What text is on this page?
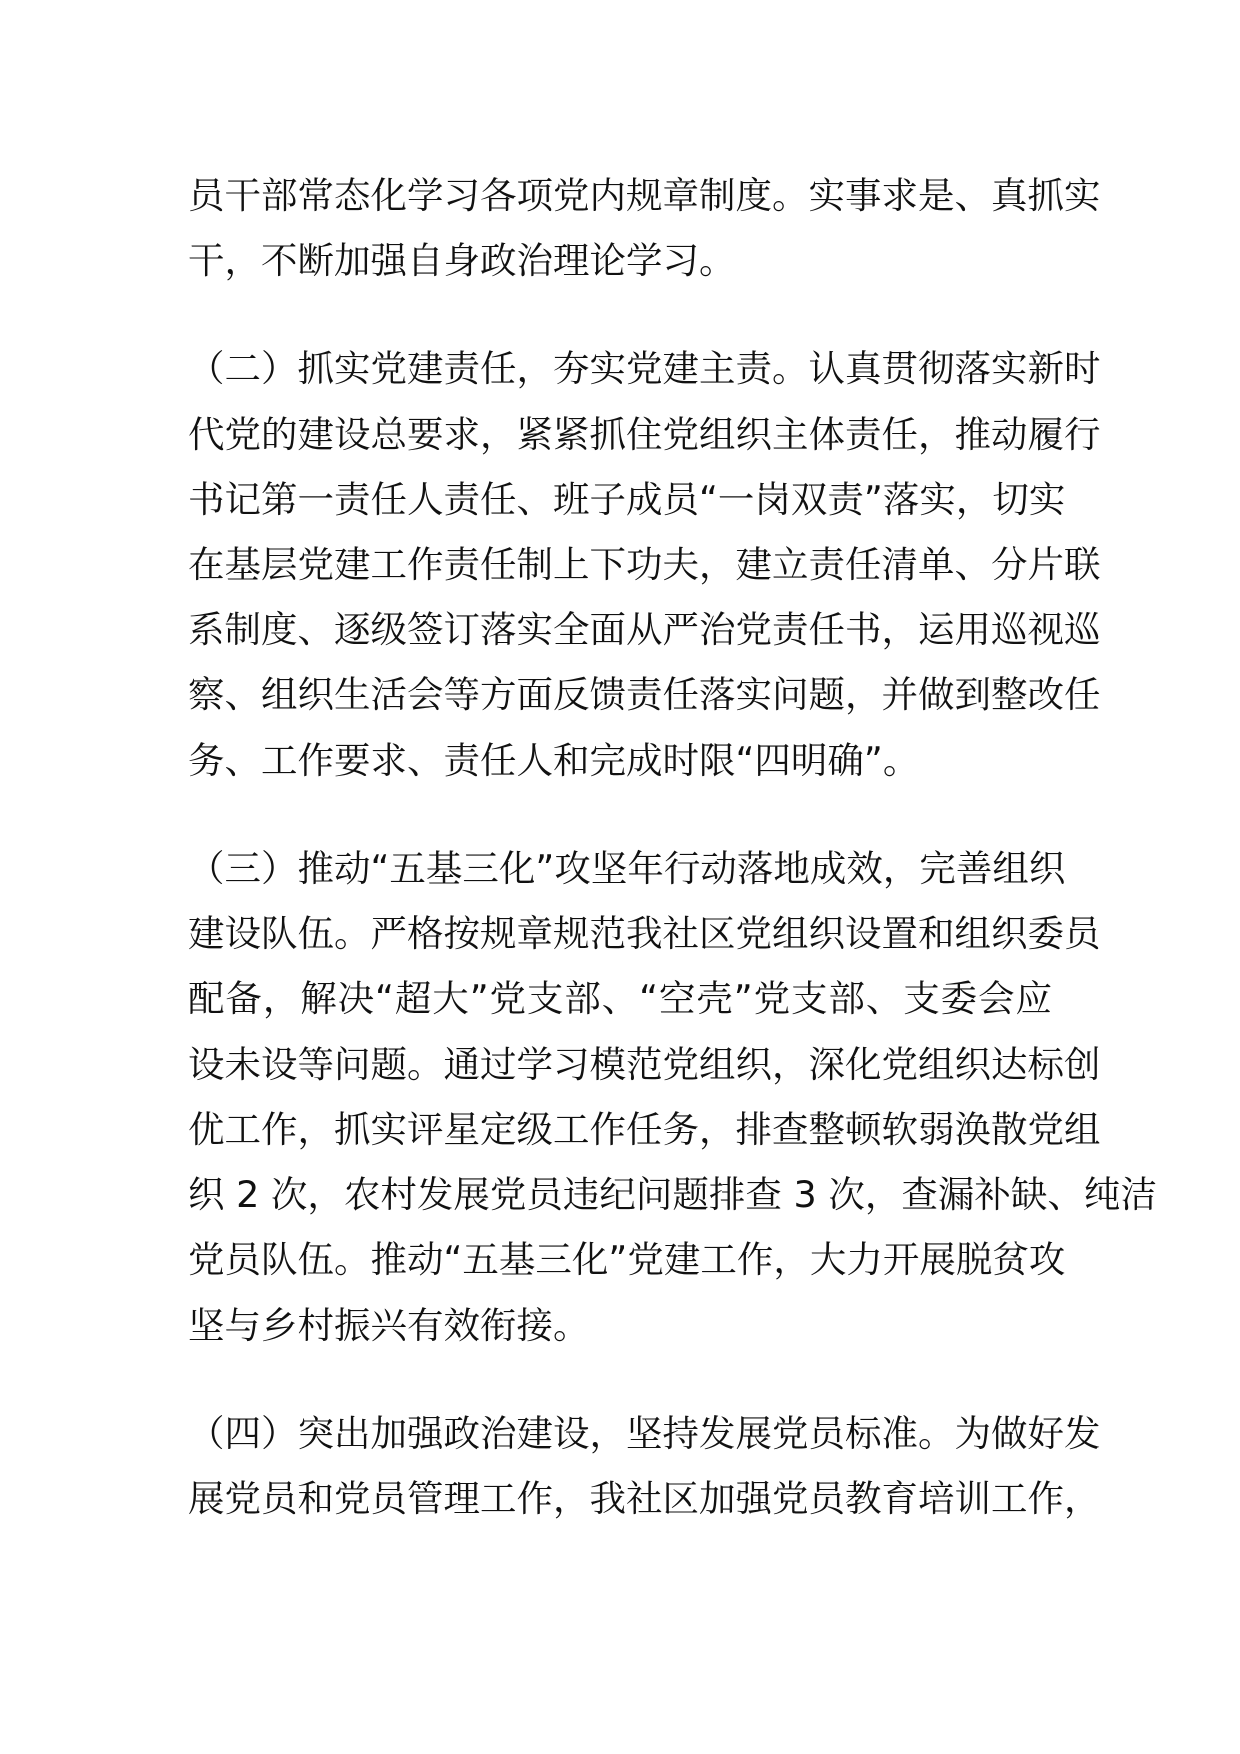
员干部常态化学习各项党内规章制度。实事求是、真抓实
干，不断加强自身政治理论学习。
（二）抓实党建责任，夯实党建主责。认真贯彻落实新时
代党的建设总要求，紧紧抓住党组织主体责任，推动履行
书记第一责任人责任、班子成员“一岗双责”落实，切实
在基层党建工作责任制上下功夫，建立责任清单、分片联
系制度、逐级签订落实全面从严治党责任书，运用巡视巡
察、组织生活会等方面反馈责任落实问题，并做到整改任
务、工作要求、责任人和完成时限“四明确”。
（三）推动“五基三化”攻坚年行动落地成效，完善组织
建设队伍。严格按规章规范我社区党组织设置和组织委员
配备，解决“超大”党支部、“空壳”党支部、支委会应
设未设等问题。通过学习模范党组织，深化党组织达标创
优工作，抓实评星定级工作任务，排查整顿软弱涣散党组
织 2 次，农村发展党员违纪问题排查 3 次，查漏补缺、纯洁
党员队伍。推动“五基三化”党建工作，大力开展脱贫攻
坚与乡村振兴有效衔接。
（四）突出加强政治建设，坚持发展党员标准。为做好发
展党员和党员管理工作，我社区加强党员教育培训工作，
